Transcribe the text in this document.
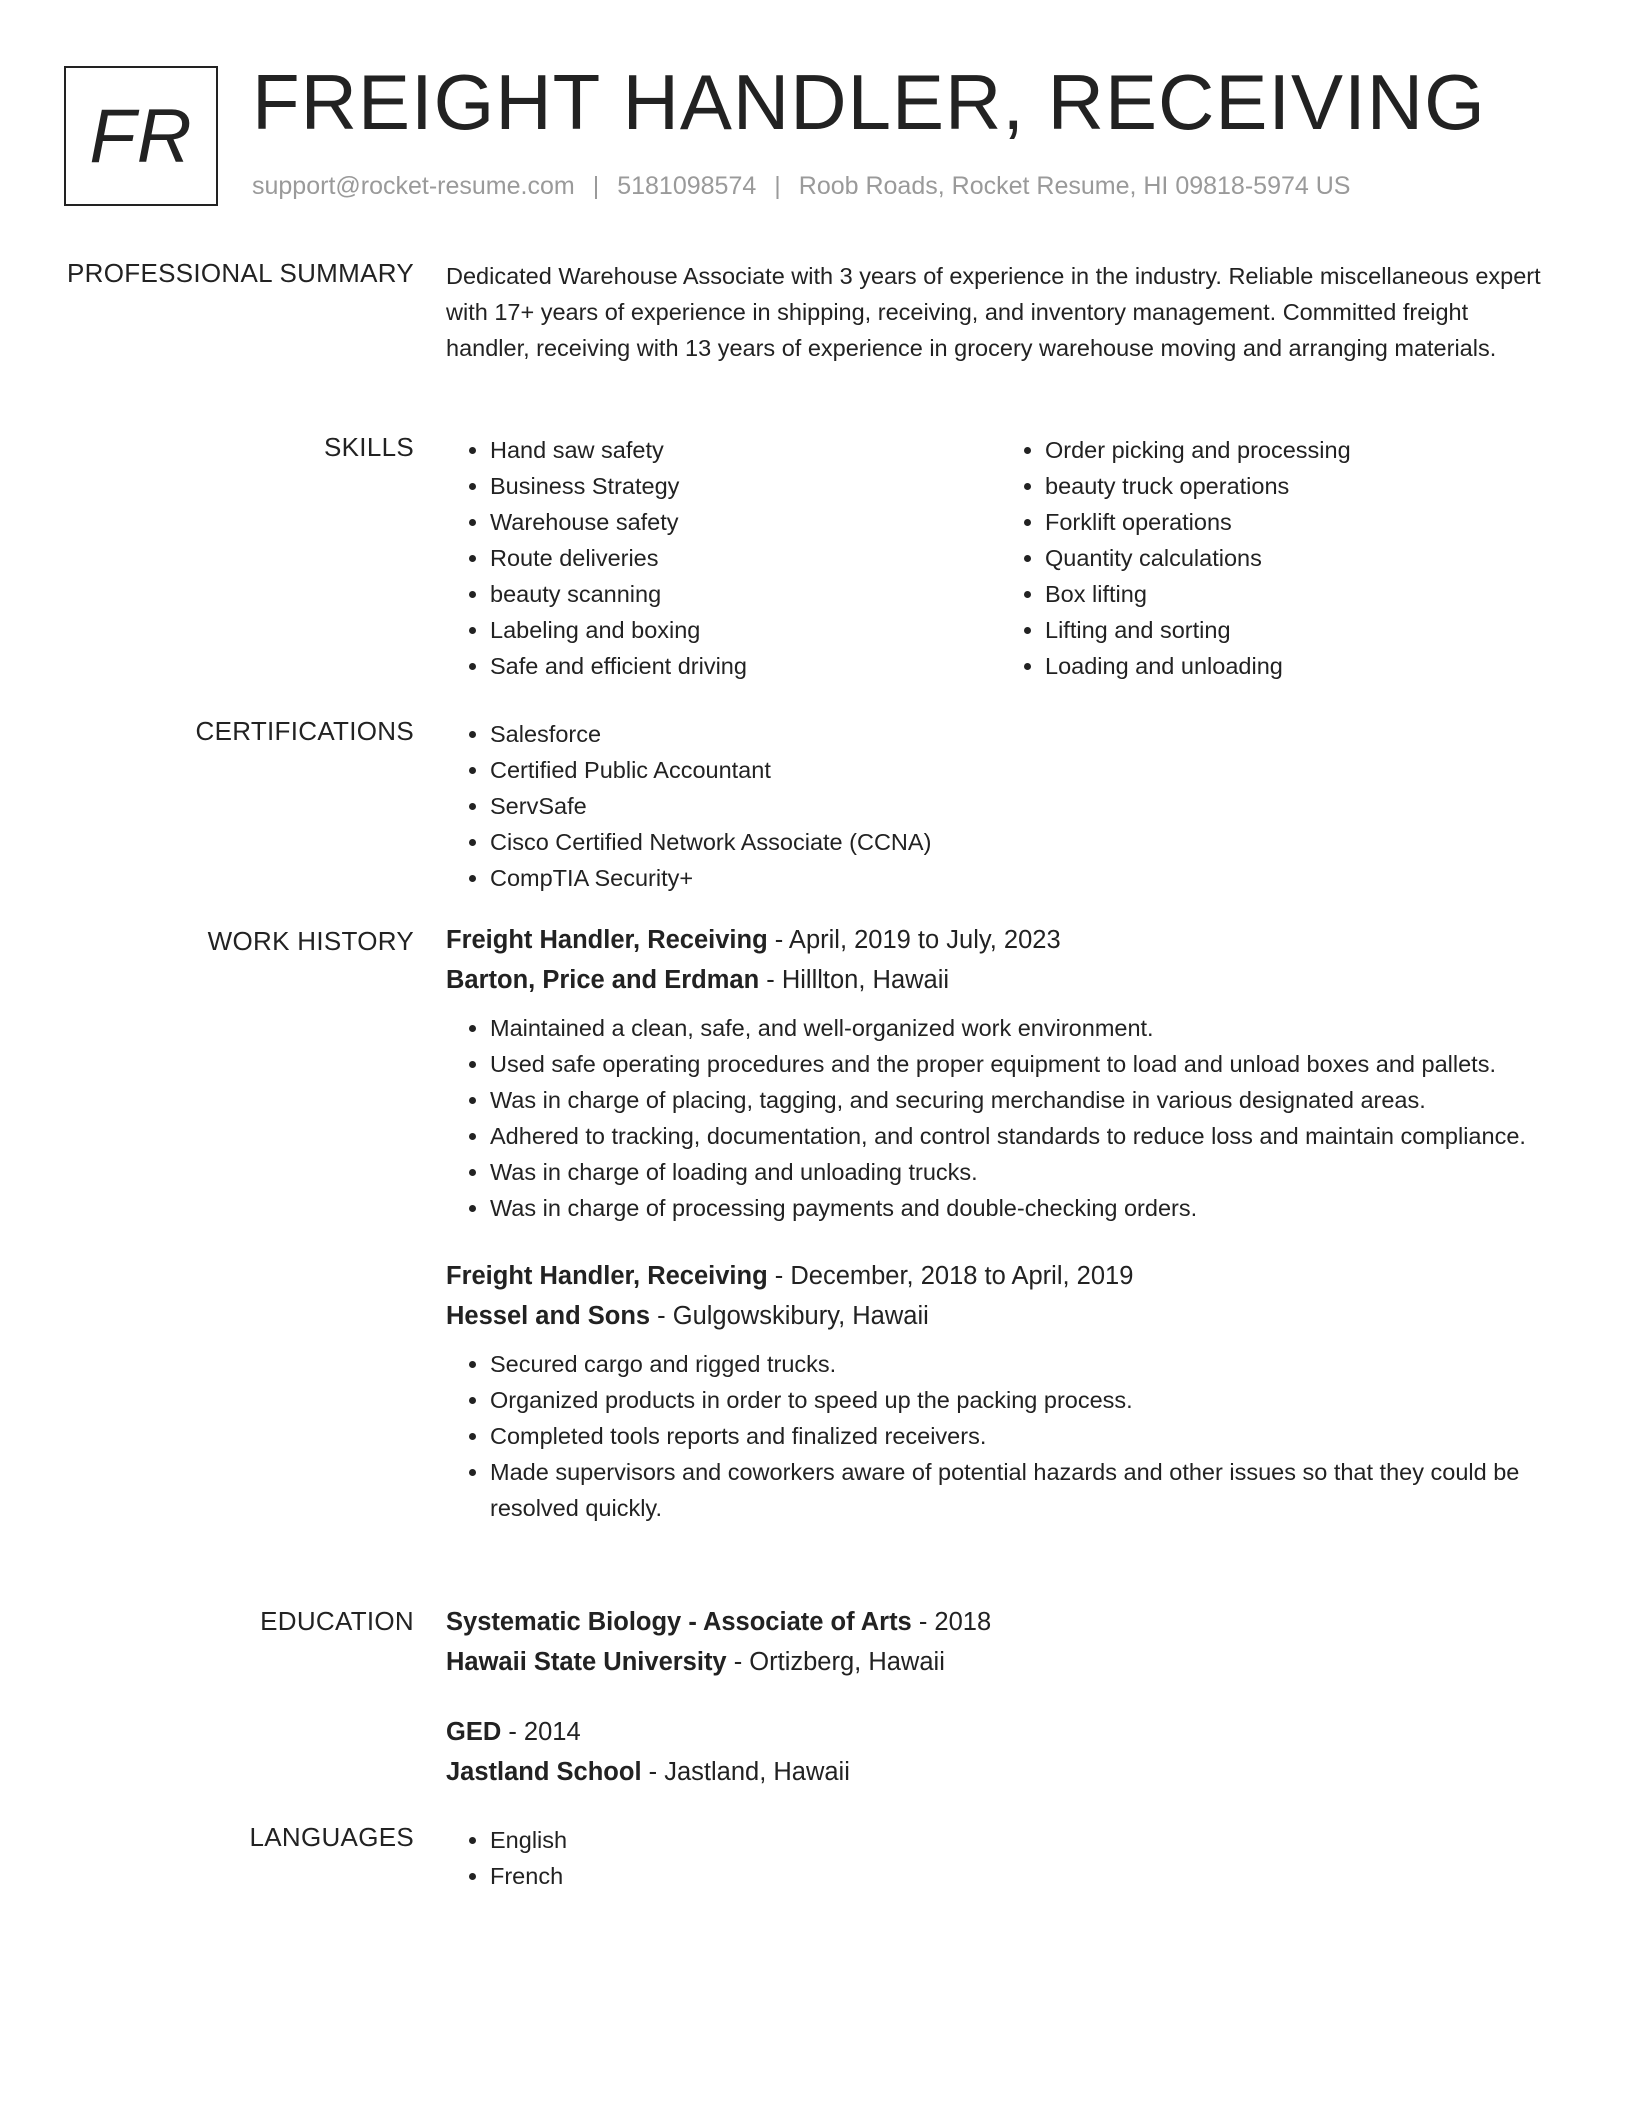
FR FREIGHT HANDLER, RECEIVING
support@rocket-resume.com | 5181098574 | Roob Roads, Rocket Resume, HI 09818-5974 US
PROFESSIONAL SUMMARY Dedicated Warehouse Associate with 3 years of experience in the industry. Reliable miscellaneous expert with 17+ years of experience in shipping, receiving, and inventory management. Committed freight handler, receiving with 13 years of experience in grocery warehouse moving and arranging materials.
SKILLS	• Hand saw safety
• Business Strategy
• Warehouse safety
• Route deliveries
• beauty scanning
• Labeling and boxing
• Safe and efficient driving
• Order picking and processing
• beauty truck operations
• Forklift operations
• Quantity calculations
• Box lifting
• Lifting and sorting
• Loading and unloading
CERTIFICATIONS	• Salesforce
• Certified Public Accountant
• ServSafe
• Cisco Certified Network Associate (CCNA)
• CompTIA Security+
WORK HISTORY Freight Handler, Receiving - April, 2019 to July, 2023
Barton, Price and Erdman - Hilllton, Hawaii
• Maintained a clean, safe, and well-organized work environment.
• Used safe operating procedures and the proper equipment to load and unload boxes and pallets.
• Was in charge of placing, tagging, and securing merchandise in various designated areas.
• Adhered to tracking, documentation, and control standards to reduce loss and maintain compliance.
• Was in charge of loading and unloading trucks.
• Was in charge of processing payments and double-checking orders.
Freight Handler, Receiving - December, 2018 to April, 2019
Hessel and Sons - Gulgowskibury, Hawaii
• Secured cargo and rigged trucks.
• Organized products in order to speed up the packing process.
• Completed tools reports and finalized receivers.
• Made supervisors and coworkers aware of potential hazards and other issues so that they could be resolved quickly.
EDUCATION Systematic Biology - Associate of Arts - 2018
Hawaii State University - Ortizberg, Hawaii
GED - 2014
Jastland School - Jastland, Hawaii
LANGUAGES	• English
• French
